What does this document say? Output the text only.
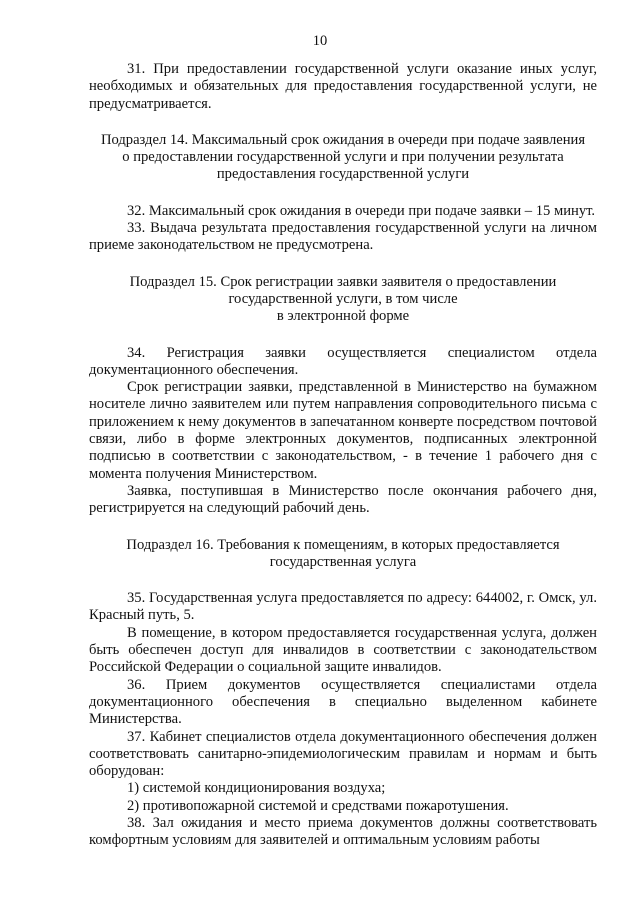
10

31. При предоставлении государственной услуги оказание иных услуг, необходимых и обязательных для предоставления государственной услуги, не предусматривается.

Подраздел 14. Максимальный срок ожидания в очереди при подаче заявления
о предоставлении государственной услуги и при получении результата
предоставления государственной услуги

32. Максимальный срок ожидания в очереди при подаче заявки – 15 минут.

33. Выдача результата предоставления государственной услуги на личном приеме законодательством не предусмотрена.

Подраздел 15. Срок регистрации заявки заявителя о предоставлении
государственной услуги, в том числе
в электронной форме

34. Регистрация заявки осуществляется специалистом отдела документационного обеспечения.

Срок регистрации заявки, представленной в Министерство на бумажном носителе лично заявителем или путем направления сопроводительного письма с приложением к нему документов в запечатанном конверте посредством почтовой связи, либо в форме электронных документов, подписанных электронной подписью в соответствии с законодательством, - в течение 1 рабочего дня с момента получения Министерством.

Заявка, поступившая в Министерство после окончания рабочего дня, регистрируется на следующий рабочий день.

Подраздел 16. Требования к помещениям, в которых предоставляется
государственная услуга

35. Государственная услуга предоставляется по адресу: 644002, г. Омск, ул. Красный путь, 5.

В помещение, в котором предоставляется государственная услуга, должен быть обеспечен доступ для инвалидов в соответствии с законодательством Российской Федерации о социальной защите инвалидов.

36. Прием документов осуществляется специалистами отдела документационного обеспечения в специально выделенном кабинете Министерства.

37. Кабинет специалистов отдела документационного обеспечения должен соответствовать санитарно-эпидемиологическим правилам и нормам и быть оборудован:

1) системой кондиционирования воздуха;

2) противопожарной системой и средствами пожаротушения.

38. Зал ожидания и место приема документов должны соответствовать комфортным условиям для заявителей и оптимальным условиям работы
